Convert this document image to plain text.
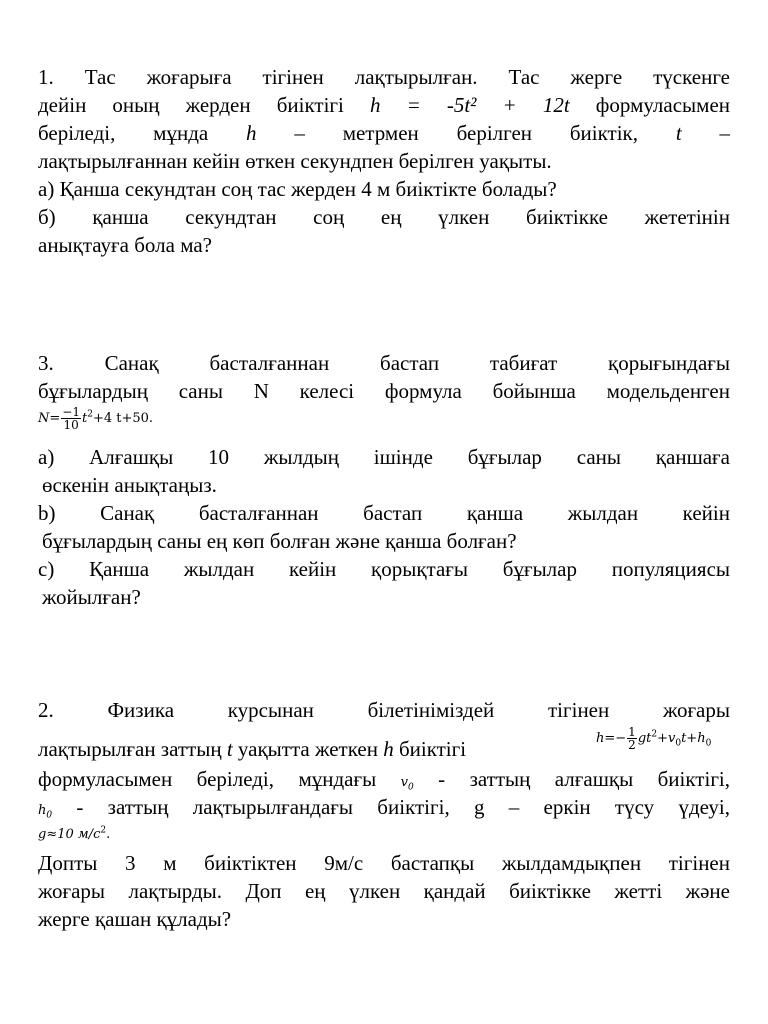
1. Тас жоғарыға тігінен лақтырылған. Тас жерге түскенге
дейін оның жерден биіктігі h = -5t² + 12t формуласымен
беріледі, мұнда h – метрмен берілген биіктік, t –
лақтырылғаннан кейін өткен секундпен берілген уақыты.
а) Қанша секундтан соң тас жерден 4 м биіктікте болады?
б) қанша секундтан соң ең үлкен биіктікке жететінін
анықтауға бола ма?
3. Санақ басталғаннан бастап табиғат қорығындағы
бұғылардың саны N келесі формула бойынша модельденген
$N= \frac{-1}{10} t^2+4$ t+50.
a) Алғашқы 10 жылдың ішінде бұғылар саны қаншаға
өскенін анықтаңыз.
b) Санақ басталғаннан бастап қанша жылдан кейін
бұғылардың саны ең көп болған және қанша болған?
c) Қанша жылдан кейін қорықтағы бұғылар популяциясы
жойылған?
2. Физика курсынан білетініміздей тігінен жоғары
лақтырылған заттың t уақытта жеткен h биіктігі	$h=- \frac{1}{2} gt^2+v_0t+h_0$
формуласымен беріледі, мұндағы $v_0$ - заттың алғашқы биіктігі,
$h_0$ - заттың лақтырылғандағы биіктігі, g – еркін түсу үдеуі,
g≈10 $м/с^2$.
Допты 3 м биіктіктен 9м/с бастапқы жылдамдықпен тігінен
жоғары лақтырды. Доп ең үлкен қандай биіктікке жетті және
жерге қашан құлады?
